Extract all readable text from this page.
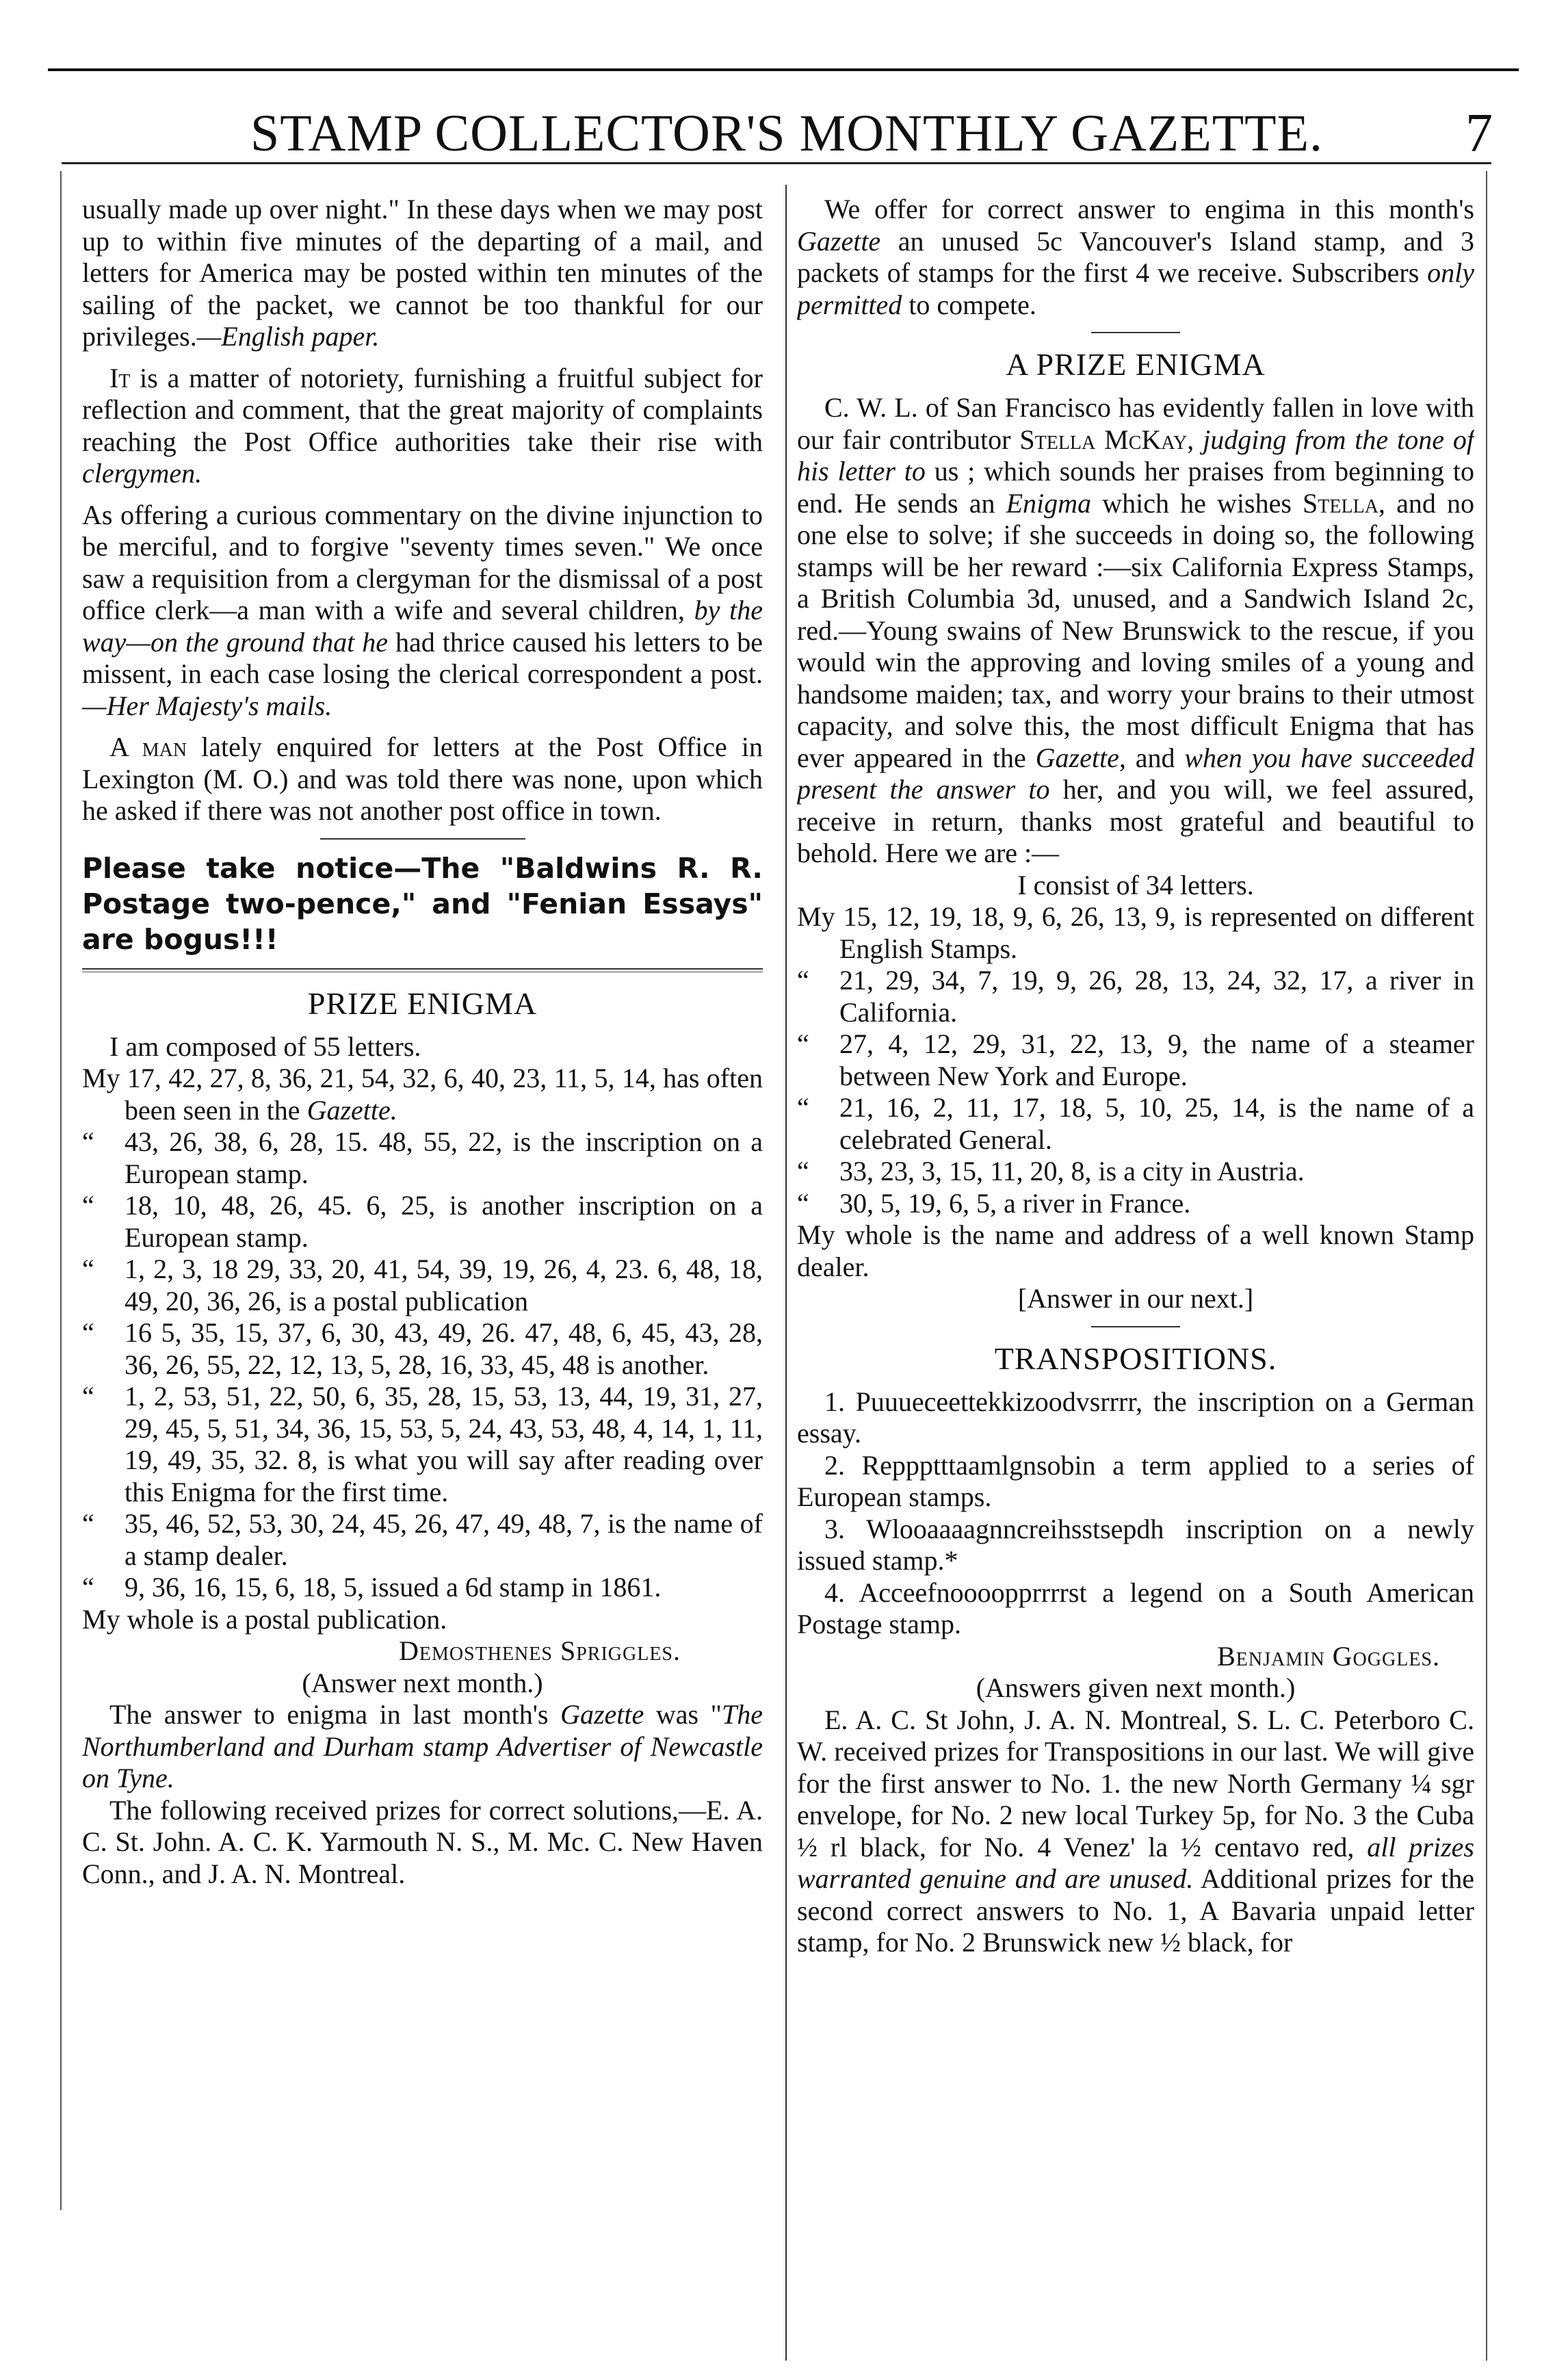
STAMP COLLECTOR'S MONTHLY GAZETTE.	7

usually made up over night." In these days when we may post up to within five minutes of the departing of a mail, and letters for America may be posted within ten minutes of the sailing of the packet, we cannot be too thankful for our privileges.—English paper.

It is a matter of notoriety, furnishing a fruitful subject for reflection and comment, that the great majority of complaints reaching the Post Office authorities take their rise with clergymen.

As offering a curious commentary on the divine injunction to be merciful, and to forgive "seventy times seven." We once saw a requisition from a clergyman for the dismissal of a post office clerk—a man with a wife and several children, by the way—on the ground that he had thrice caused his letters to be missent, in each case losing the clerical correspondent a post.—Her Majesty's mails.

A man lately enquired for letters at the Post Office in Lexington (M. O.) and was told there was none, upon which he asked if there was not another post office in town.

Please take notice—The "Baldwins R. R. Postage two-pence," and "Fenian Essays" are bogus!!!

PRIZE ENIGMA

I am composed of 55 letters.

My 17, 42, 27, 8, 36, 21, 54, 32, 6, 40, 23, 11, 5, 14, has often been seen in the Gazette.

“ 43, 26, 38, 6, 28, 15. 48, 55, 22, is the inscription on a European stamp.

“ 18, 10, 48, 26, 45. 6, 25, is another inscription on a European stamp.

“ 1, 2, 3, 18 29, 33, 20, 41, 54, 39, 19, 26, 4, 23. 6, 48, 18, 49, 20, 36, 26, is a postal publication

“ 16 5, 35, 15, 37, 6, 30, 43, 49, 26. 47, 48, 6, 45, 43, 28, 36, 26, 55, 22, 12, 13, 5, 28, 16, 33, 45, 48 is another.

“ 1, 2, 53, 51, 22, 50, 6, 35, 28, 15, 53, 13, 44, 19, 31, 27, 29, 45, 5, 51, 34, 36, 15, 53, 5, 24, 43, 53, 48, 4, 14, 1, 11, 19, 49, 35, 32. 8, is what you will say after reading over this Enigma for the first time.

“ 35, 46, 52, 53, 30, 24, 45, 26, 47, 49, 48, 7, is the name of a stamp dealer.

“ 9, 36, 16, 15, 6, 18, 5, issued a 6d stamp in 1861.

My whole is a postal publication.

Demosthenes Spriggles.

(Answer next month.)

The answer to enigma in last month's Gazette was "The Northumberland and Durham stamp Advertiser of Newcastle on Tyne.

The following received prizes for correct solutions,—E. A. C. St. John. A. C. K. Yarmouth N. S., M. Mc. C. New Haven Conn., and J. A. N. Montreal.

We offer for correct answer to engima in this month's Gazette an unused 5c Vancouver's Island stamp, and 3 packets of stamps for the first 4 we receive. Subscribers only permitted to compete.

A PRIZE ENIGMA

C. W. L. of San Francisco has evidently fallen in love with our fair contributor Stella McKay, judging from the tone of his letter to us ; which sounds her praises from beginning to end. He sends an Enigma which he wishes Stella, and no one else to solve; if she succeeds in doing so, the following stamps will be her reward :—six California Express Stamps, a British Columbia 3d, unused, and a Sandwich Island 2c, red.—Young swains of New Brunswick to the rescue, if you would win the approving and loving smiles of a young and handsome maiden; tax, and worry your brains to their utmost capacity, and solve this, the most difficult Enigma that has ever appeared in the Gazette, and when you have succeeded present the answer to her, and you will, we feel assured, receive in return, thanks most grateful and beautiful to behold. Here we are :—

I consist of 34 letters.

My 15, 12, 19, 18, 9, 6, 26, 13, 9, is represented on different English Stamps.

“ 21, 29, 34, 7, 19, 9, 26, 28, 13, 24, 32, 17, a river in California.

“ 27, 4, 12, 29, 31, 22, 13, 9, the name of a steamer between New York and Europe.

“ 21, 16, 2, 11, 17, 18, 5, 10, 25, 14, is the name of a celebrated General.

“ 33, 23, 3, 15, 11, 20, 8, is a city in Austria.

“ 30, 5, 19, 6, 5, a river in France.

My whole is the name and address of a well known Stamp dealer.

[Answer in our next.]

TRANSPOSITIONS.

1. Puuueceettekkizoodvsrrrr, the inscription on a German essay.

2. Reppptttaamlgnsobin a term applied to a series of European stamps.

3. Wlooaaaagnncreihsstsepdh inscription on a newly issued stamp.*

4. Acceefnoooopprrrrst a legend on a South American Postage stamp.

Benjamin Goggles.

(Answers given next month.)

E. A. C. St John, J. A. N. Montreal, S. L. C. Peterboro C. W. received prizes for Transpositions in our last. We will give for the first answer to No. 1. the new North Germany ¼ sgr envelope, for No. 2 new local Turkey 5p, for No. 3 the Cuba ½ rl black, for No. 4 Venez' la ½ centavo red, all prizes warranted genuine and are unused. Additional prizes for the second correct answers to No. 1, A Bavaria unpaid letter stamp, for No. 2 Brunswick new ½ black, for
